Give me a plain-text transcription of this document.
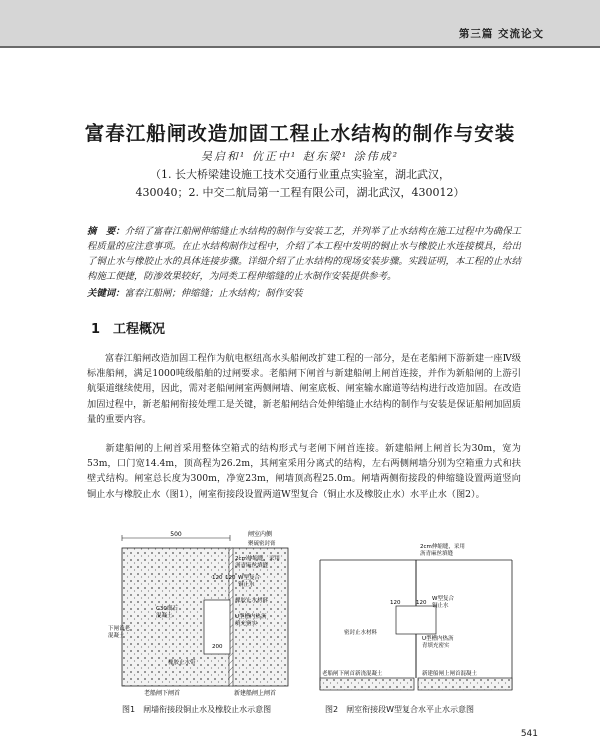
第三篇 交流论文
富春江船闸改造加固工程止水结构的制作与安装
吴启和¹ 伉正中¹ 赵东梁¹ 涂伟成²
（1. 长大桥梁建设施工技术交通行业重点实验室，湖北武汉，
430040；2. 中交二航局第一工程有限公司，湖北武汉，430012）
摘　要：介绍了富春江船闸伸缩缝止水结构的制作与安装工艺，并列举了止水结构在施工过程中为确保工程质量的应注意事项。在止水结构制作过程中，介绍了本工程中发明的铜止水与橡胶止水连接模具，给出了铜止水与橡胶止水的具体连接步骤。详细介绍了止水结构的现场安装步骤。实践证明，本工程的止水结构施工便捷，防渗效果较好，为同类工程伸缩缝的止水制作安装提供参考。
关键词：富春江船闸；伸缩缝；止水结构；制作安装
1　工程概况
富春江船闸改造加固工程作为航电枢纽高水头船闸改扩建工程的一部分，是在老船闸下游新建一座Ⅳ级标准船闸，满足1000吨级船舶的过闸要求。老船闸下闸首与新建船闸上闸首连接，并作为新船闸的上游引航渠道继续使用，因此，需对老船闸闸室两侧闸墙、闸室底板、闸室输水廊道等结构进行改造加固。在改造加固过程中，新老船闸衔接处理工是关键，新老船闸结合处伸缩缝止水结构的制作与安装是保证船闸加固质量的重要内容。
新建船闸的上闸首采用整体空箱式的结构形式与老闸下闸首连接。新建船闸上闸首长为30m，宽为53m，口门宽14.4m，顶高程为26.2m，其闸室采用分离式的结构，左右两侧闸墙分别为空箱重力式和扶壁式结构。闸室总长度为300m，净宽23m，闸墙顶高程25.0m。闸墙两侧衔接段的伸缩缝设置两道竖向铜止水与橡胶止水（图1），闸室衔接段设置两道W型复合（铜止水及橡胶止水）水平止水（图2）。
500	闸室内侧
聚硫密封膏
2cm伸缩缝，采用
沥青麻丝填缝
120 120 W型复合
铜止水
橡胶止水材料
U型槽内热沥
填充密实
C30细石
混凝土
下闸首老
混凝土
200
橡胶止水带
老船闸下闸首	新建船闸上闸首
2cm伸缩缝，采用
沥青麻丝填缝
120	120
W型复合
铜止水
密封止水材料
U型槽内热沥
青填充密实
老船闸下闸首新浇混凝土	新建船闸上闸首混凝土
图1　闸墙衔接段铜止水及橡胶止水示意图	图2　闸室衔接段W型复合水平止水示意图
541
